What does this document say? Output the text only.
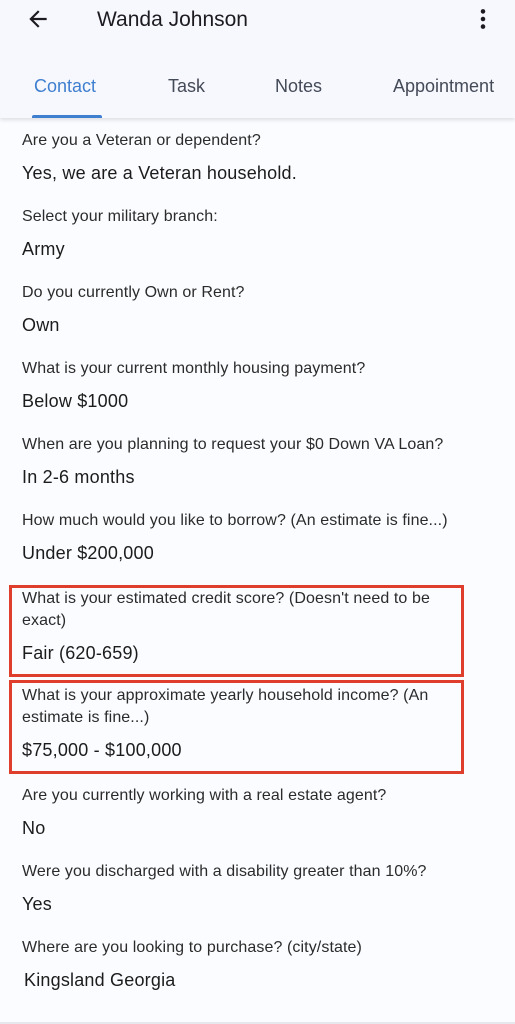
Wanda Johnson
Contact	Task	Notes	Appointment
Are you a Veteran or dependent?
Yes, we are a Veteran household.
Select your military branch:
Army
Do you currently Own or Rent?
Own
What is your current monthly housing payment?
Below $1000
When are you planning to request your $0 Down VA Loan?
In 2-6 months
How much would you like to borrow? (An estimate is fine...)
Under $200,000
What is your estimated credit score? (Doesn't need to be exact)
Fair (620-659)
What is your approximate yearly household income? (An estimate is fine...)
$75,000 - $100,000
Are you currently working with a real estate agent?
No
Were you discharged with a disability greater than 10%?
Yes
Where are you looking to purchase? (city/state)
Kingsland Georgia
